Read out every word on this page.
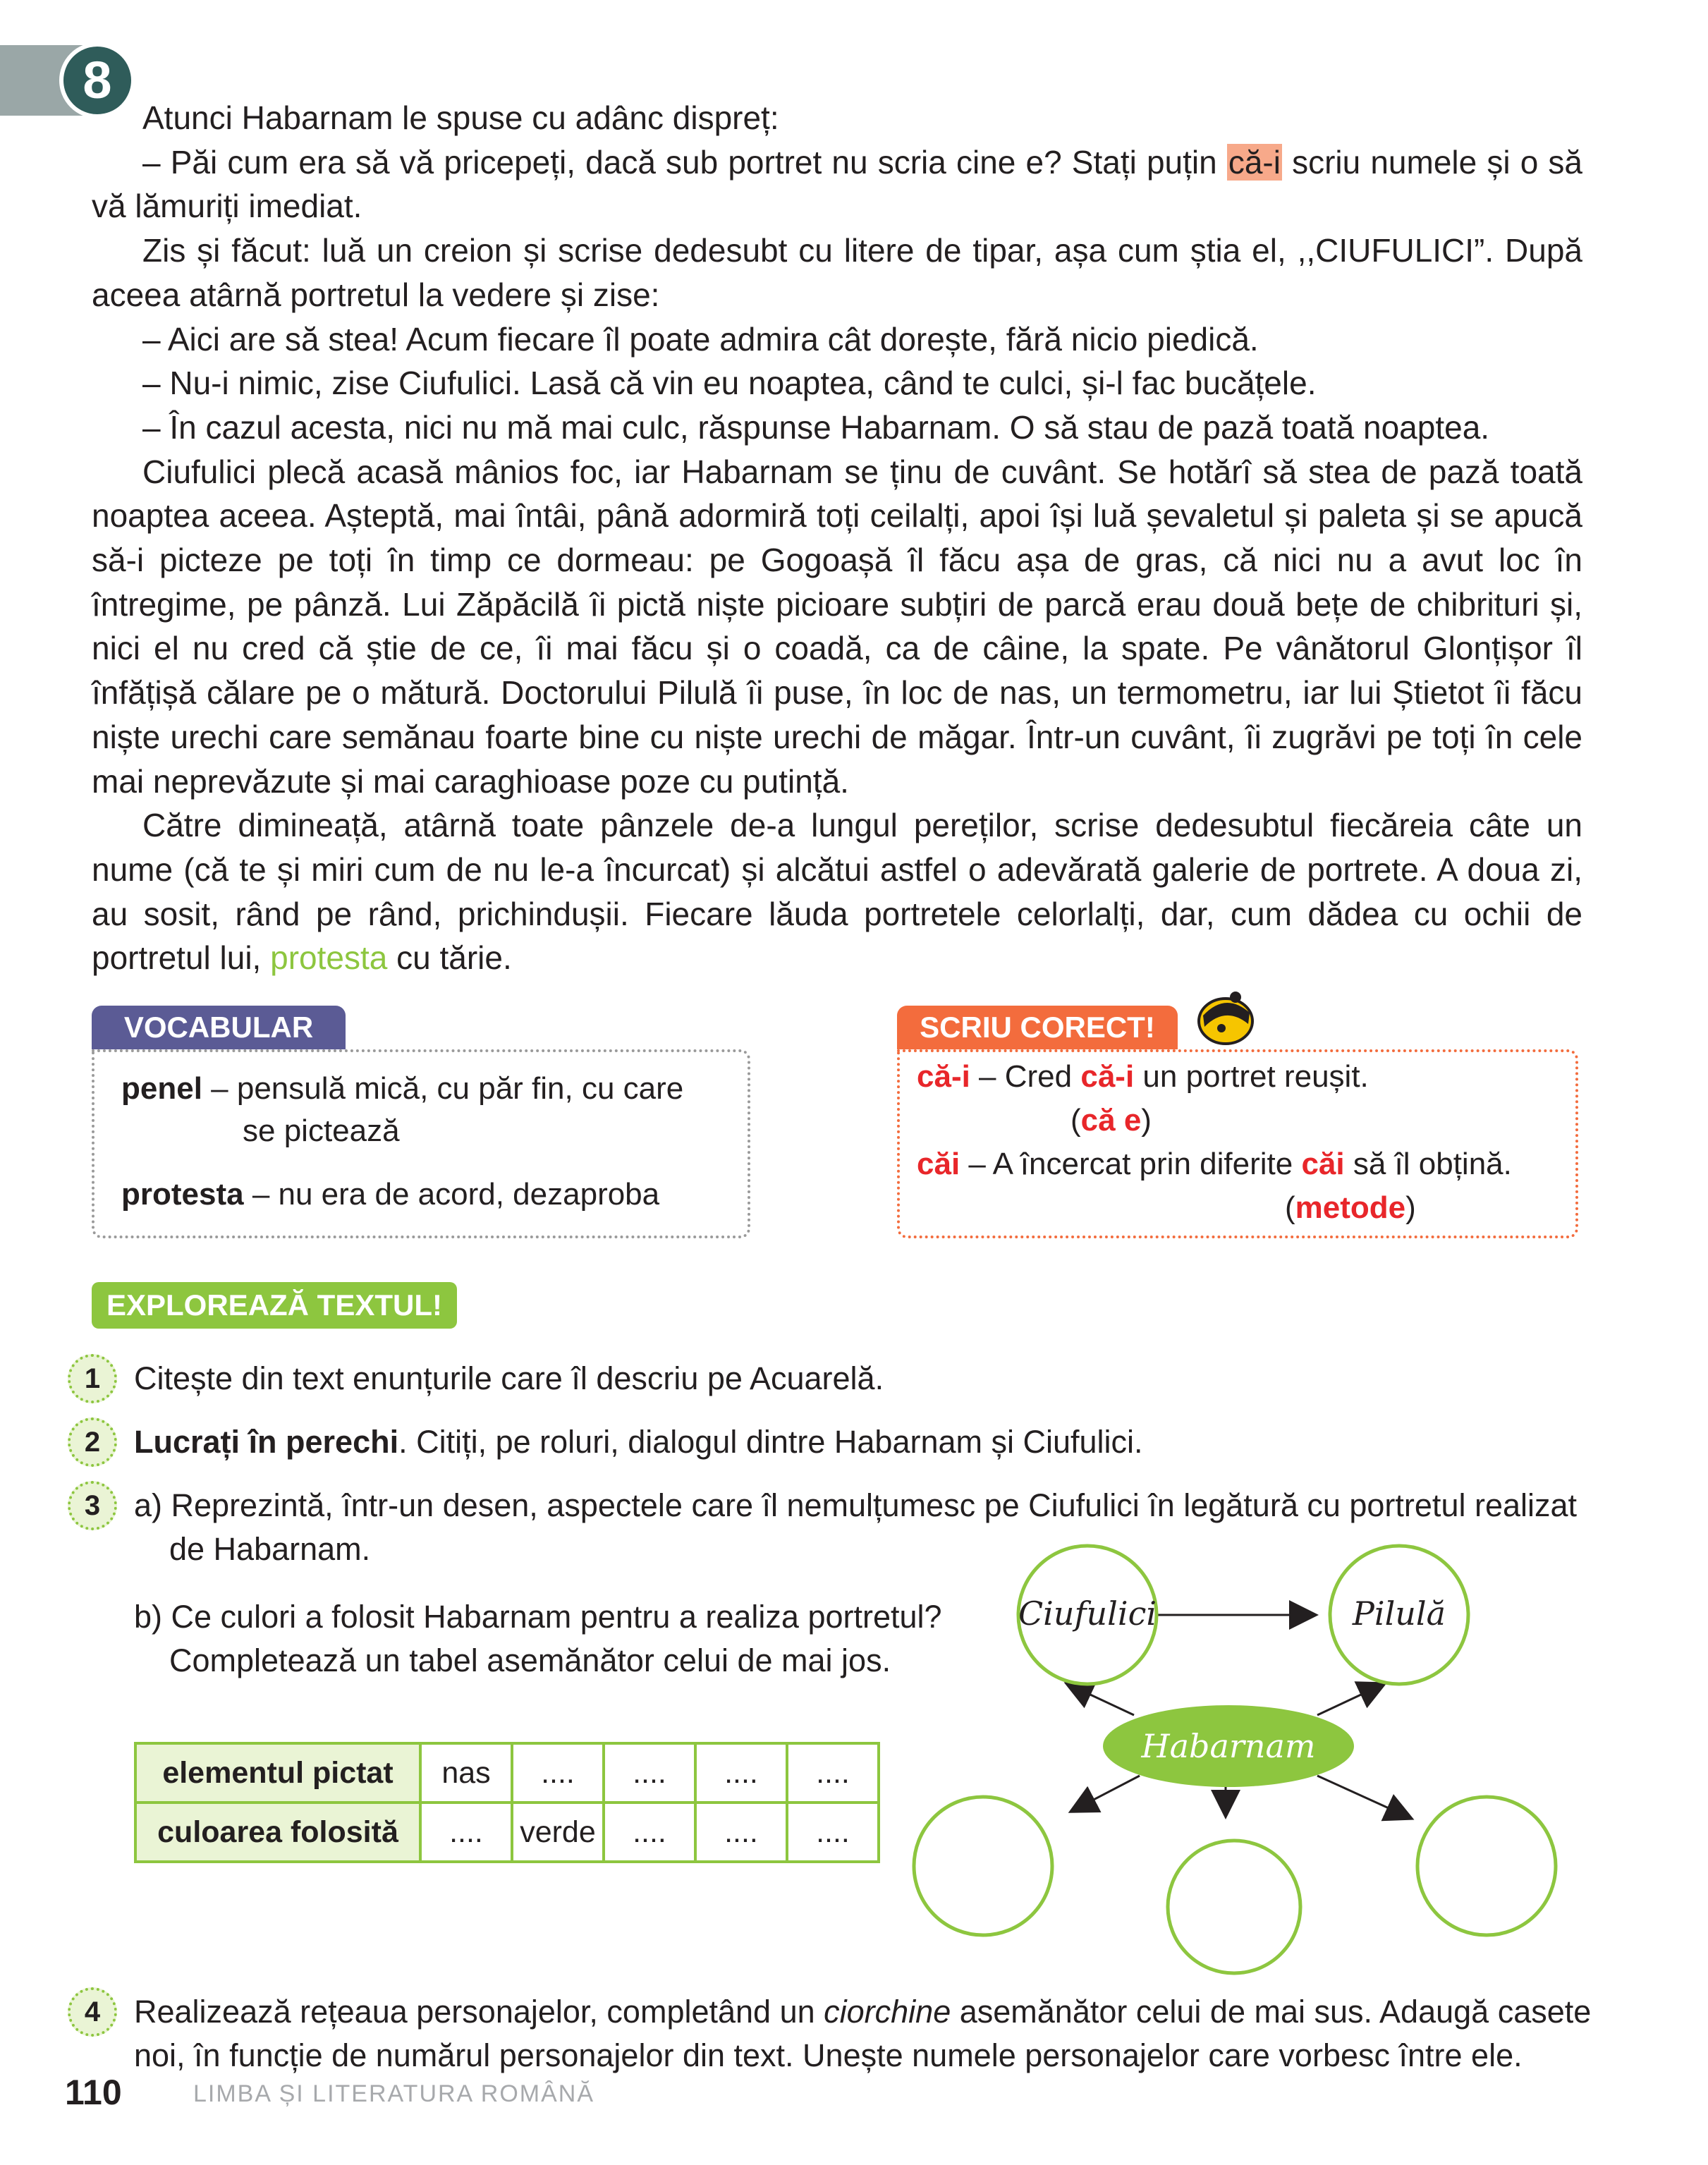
8

Atunci Habarnam le spuse cu adânc dispreț:

– Păi cum era să vă pricepeți, dacă sub portret nu scria cine e? Stați puțin că-i scriu numele și o să vă lămuriți imediat.

Zis și făcut: luă un creion și scrise dedesubt cu litere de tipar, așa cum știa el, ,,CIUFULICI”. După aceea atârnă portretul la vedere și zise:

– Aici are să stea! Acum fiecare îl poate admira cât dorește, fără nicio piedică.

– Nu-i nimic, zise Ciufulici. Lasă că vin eu noaptea, când te culci, și-l fac bucățele.

– În cazul acesta, nici nu mă mai culc, răspunse Habarnam. O să stau de pază toată noaptea.

Ciufulici plecă acasă mânios foc, iar Habarnam se ținu de cuvânt. Se hotărî să stea de pază toată noaptea aceea. Așteptă, mai întâi, până adormiră toți ceilalți, apoi își luă șevaletul și paleta și se apucă să-i picteze pe toți în timp ce dormeau: pe Gogoașă îl făcu așa de gras, că nici nu a avut loc în întregime, pe pânză. Lui Zăpăcilă îi pictă niște picioare subțiri de parcă erau două bețe de chibrituri și, nici el nu cred că știe de ce, îi mai făcu și o coadă, ca de câine, la spate. Pe vânătorul Glonțișor îl înfățișă călare pe o mătură. Doctorului Pilulă îi puse, în loc de nas, un termometru, iar lui Știetot îi făcu niște urechi care semănau foarte bine cu niște urechi de măgar. Într-un cuvânt, îi zugrăvi pe toți în cele mai neprevăzute și mai caraghioase poze cu putință.

Către dimineață, atârnă toate pânzele de-a lungul pereților, scrise dedesubtul fiecăreia câte un nume (că te și miri cum de nu le-a încurcat) și alcătui astfel o adevărată galerie de portrete. A doua zi, au sosit, rând pe rând, prichindușii. Fiecare lăuda portretele celorlalți, dar, cum dădea cu ochii de portretul lui, protesta cu tărie.

VOCABULAR
penel – pensulă mică, cu păr fin, cu care
se pictează
protesta – nu era de acord, dezaproba
SCRIU CORECT!
că-i – Cred că-i un portret reușit.
(că e)
căi – A încercat prin diferite căi să îl obțină.
(metode)
EXPLOREAZĂ TEXTUL!
1	Citește din text enunțurile care îl descriu pe Acuarelă.
2	Lucrați în perechi. Citiți, pe roluri, dialogul dintre Habarnam și Ciufulici.
3	a) Reprezintă, într-un desen, aspectele care îl nemulțumesc pe Ciufulici în legătură cu portretul realizat
de Habarnam.
b) Ce culori a folosit Habarnam pentru a realiza portretul?
Completează un tabel asemănător celui de mai jos.
elementul pictat	nas	....	....	....	....
culoarea folosită	....	verde	....	....	....
Ciufulici	Pilulă
Habarnam
4	Realizează rețeaua personajelor, completând un ciorchine asemănător celui de mai sus. Adaugă casete
noi, în funcție de numărul personajelor din text. Unește numele personajelor care vorbesc între ele.
110	LIMBA ȘI LITERATURA ROMÂNĂ
